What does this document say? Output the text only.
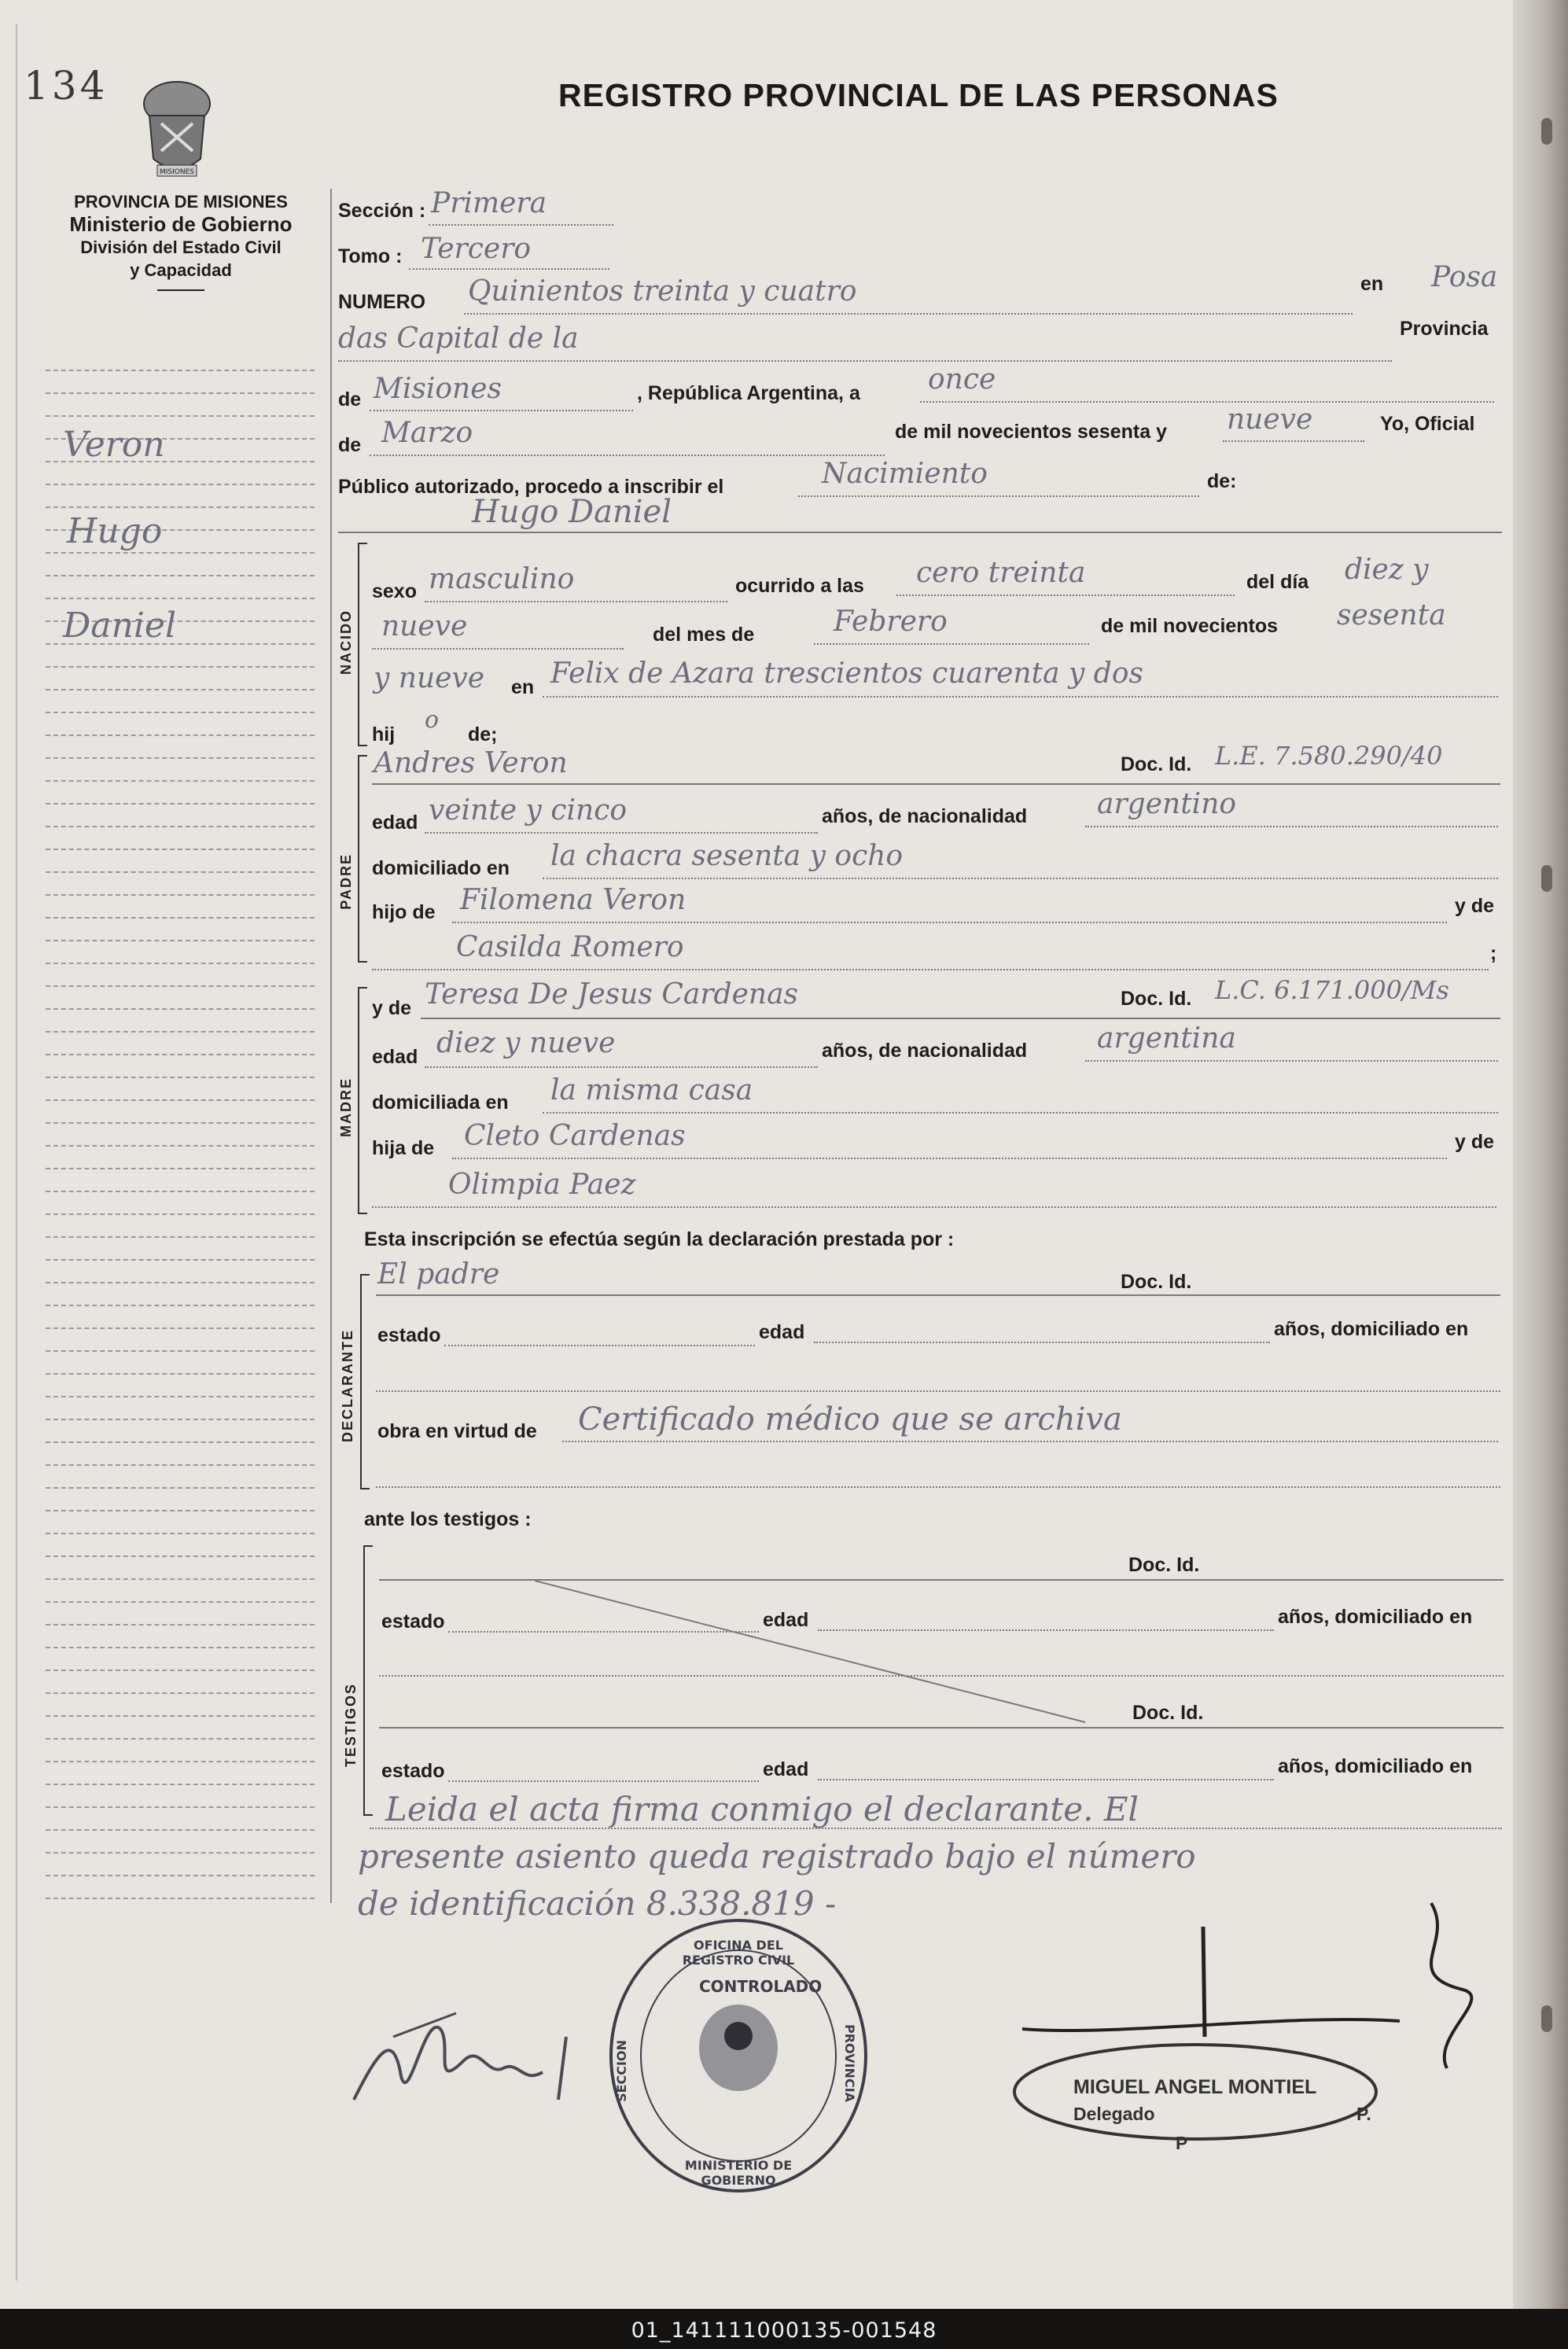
134
MISIONES
REGISTRO PROVINCIAL DE LAS PERSONAS
PROVINCIA DE MISIONES
Ministerio de Gobierno
División del Estado Civil
y Capacidad
Veron
Hugo
Daniel
Sección : Primera
Tomo : Tercero
NUMERO Quinientos treinta y cuatro	en Posa
das Capital de la	Provincia
de Misiones	, República Argentina, a once
de Marzo	de mil novecientos sesenta y nueve	Yo, Oficial
Público autorizado, procedo a inscribir el	Nacimiento	de:
Hugo Daniel
NACIDO
sexo masculino	ocurrido a las cero treinta	del día diez y
nueve	del mes de	Febrero	de mil novecientos sesenta
y nueve en Felix de Azara trescientos cuarenta y dos
hij
o
de;
PADRE
Andres Veron	Doc. Id. L.E. 7.580.290/40
edad veinte y cinco	años, de nacionalidad argentino
domiciliado en la chacra sesenta y ocho
hijo de Filomena Veron	y de
Casilda Romero	;
MADRE
y de Teresa De Jesus Cardenas	Doc. Id. L.C. 6.171.000/Ms
edad diez y nueve	años, de nacionalidad argentina
domiciliada en la misma casa
hija de Cleto Cardenas	y de
Olimpia Paez
Esta inscripción se efectúa según la declaración prestada por :
DECLARANTE
El padre	Doc. Id.
estado	edad	años, domiciliado en
obra en virtud de Certificado médico que se archiva
ante los testigos :
TESTIGOS
Doc. Id.
estado	edad	años, domiciliado en
Doc. Id.
estado	edad	años, domiciliado en
Leida el acta firma conmigo el declarante. El
presente asiento queda registrado bajo el número
de identificación 8.338.819 -
OFICINA DEL REGISTRO CIVIL
CONTROLADO
SECCION	PROVINCIA
MINISTERIO DE GOBIERNO
MIGUEL ANGEL MONTIEL
Delegado	P.
P
01_141111000135-001548
